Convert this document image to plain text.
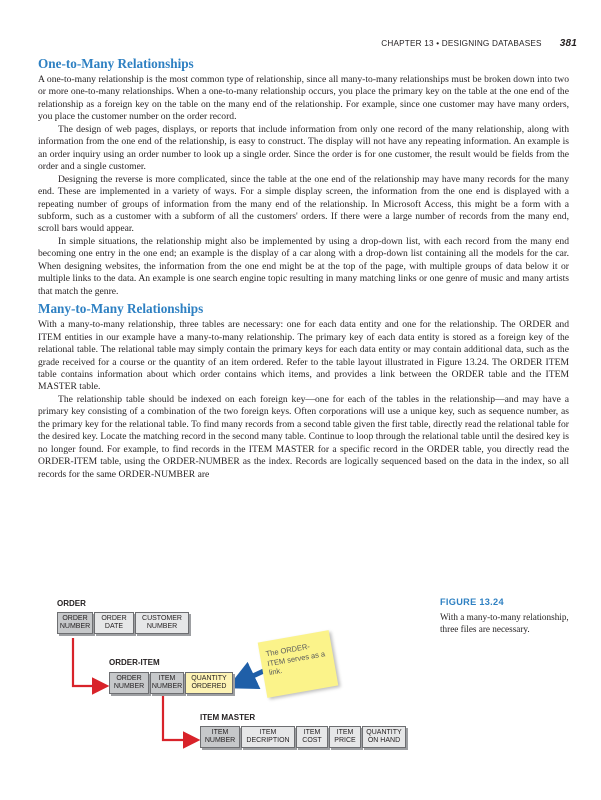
CHAPTER 13 • DESIGNING DATABASES 381
One-to-Many Relationships

A one-to-many relationship is the most common type of relationship, since all many-to-many relationships must be broken down into two or more one-to-many relationships. When a one-to-many relationship occurs, you place the primary key on the table at the one end of the relationship as a foreign key on the table on the many end of the relationship. For example, since one customer may have many orders, you place the customer number on the order record.

The design of web pages, displays, or reports that include information from only one record of the many relationship, along with information from the one end of the relationship, is easy to construct. The display will not have any repeating information. An example is an order inquiry using an order number to look up a single order. Since the order is for one customer, the result would be fields from the order and a single customer.

Designing the reverse is more complicated, since the table at the one end of the relationship may have many records for the many end. These are implemented in a variety of ways. For a simple display screen, the information from the one end is displayed with a repeating number of groups of information from the many end of the relationship. In Microsoft Access, this might be a form with a subform, such as a customer with a subform of all the customers' orders. If there were a large number of records from the many end, scroll bars would appear.

In simple situations, the relationship might also be implemented by using a drop-down list, with each record from the many end becoming one entry in the one end; an example is the display of a car along with a drop-down list containing all the models for the car. When designing websites, the information from the one end might be at the top of the page, with multiple groups of data below it or multiple links to the data. An example is one search engine topic resulting in many matching links or one genre of music and many artists that match the genre.

Many-to-Many Relationships

With a many-to-many relationship, three tables are necessary: one for each data entity and one for the relationship. The ORDER and ITEM entities in our example have a many-to-many relationship. The primary key of each data entity is stored as a foreign key of the relational table. The relational table may simply contain the primary keys for each data entity or may contain additional data, such as the grade received for a course or the quantity of an item ordered. Refer to the table layout illustrated in Figure 13.24. The ORDER ITEM table contains information about which order contains which items, and provides a link between the ORDER table and the ITEM MASTER table.

The relationship table should be indexed on each foreign key—one for each of the tables in the relationship—and may have a primary key consisting of a combination of the two foreign keys. Often corporations will use a unique key, such as sequence number, as the primary key for the relational table. To find many records from a second table given the first table, directly read the relational table for the desired key. Locate the matching record in the second many table. Continue to loop through the relational table until the desired key is no longer found. For example, to find records in the ITEM MASTER for a specific record in the ORDER table, you directly read the ORDER-ITEM table, using the ORDER-NUMBER as the index. Records are logically sequenced based on the data in the index, so all records for the same ORDER-NUMBER are

ORDER
ORDER
NUMBER
ORDER
DATE
CUSTOMER
NUMBER
ORDER-ITEM
ORDER
NUMBER
ITEM
NUMBER
QUANTITY
ORDERED
ITEM MASTER
ITEM
NUMBER
ITEM
DECRIPTION
ITEM
COST
ITEM
PRICE
QUANTITY
ON HAND
The ORDER-ITEM serves as a link.
FIGURE 13.24
With a many-to-many relationship, three files are necessary.
